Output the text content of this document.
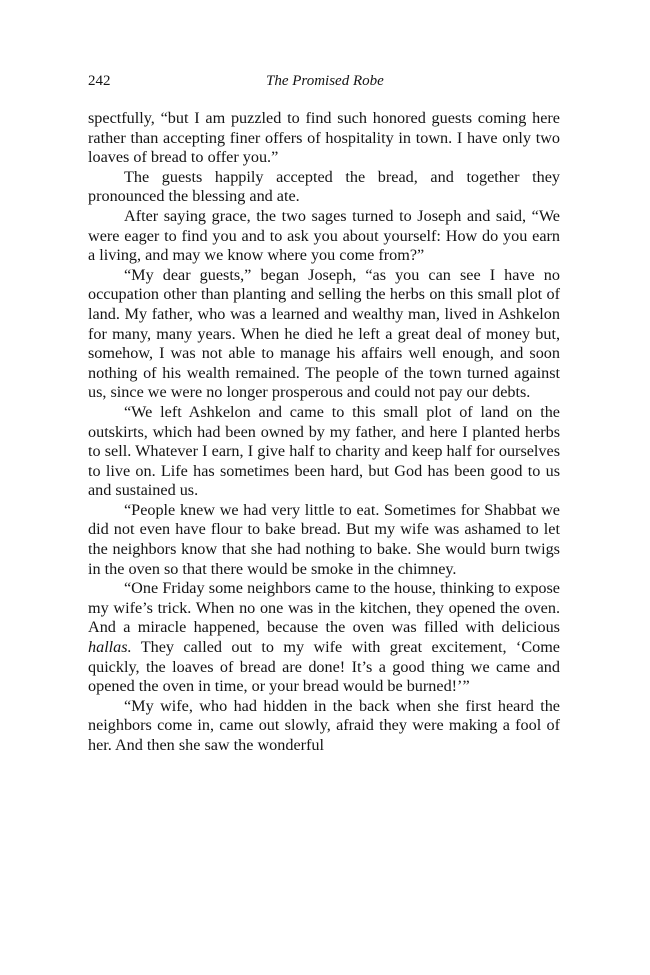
242	The Promised Robe

spectfully, “but I am puzzled to find such honored guests coming here rather than accepting finer offers of hospitality in town. I have only two loaves of bread to offer you.”

The guests happily accepted the bread, and together they pronounced the blessing and ate.

After saying grace, the two sages turned to Joseph and said, “We were eager to find you and to ask you about yourself: How do you earn a living, and may we know where you come from?”

“My dear guests,” began Joseph, “as you can see I have no occupation other than planting and selling the herbs on this small plot of land. My father, who was a learned and wealthy man, lived in Ashkelon for many, many years. When he died he left a great deal of money but, somehow, I was not able to manage his affairs well enough, and soon nothing of his wealth remained. The people of the town turned against us, since we were no longer prosperous and could not pay our debts.

“We left Ashkelon and came to this small plot of land on the outskirts, which had been owned by my father, and here I planted herbs to sell. Whatever I earn, I give half to charity and keep half for ourselves to live on. Life has sometimes been hard, but God has been good to us and sustained us.

“People knew we had very little to eat. Sometimes for Shabbat we did not even have flour to bake bread. But my wife was ashamed to let the neighbors know that she had nothing to bake. She would burn twigs in the oven so that there would be smoke in the chimney.

“One Friday some neighbors came to the house, thinking to expose my wife’s trick. When no one was in the kitchen, they opened the oven. And a miracle happened, because the oven was filled with delicious hallas. They called out to my wife with great excitement, ‘Come quickly, the loaves of bread are done! It’s a good thing we came and opened the oven in time, or your bread would be burned!’”

“My wife, who had hidden in the back when she first heard the neighbors come in, came out slowly, afraid they were making a fool of her. And then she saw the wonderful
